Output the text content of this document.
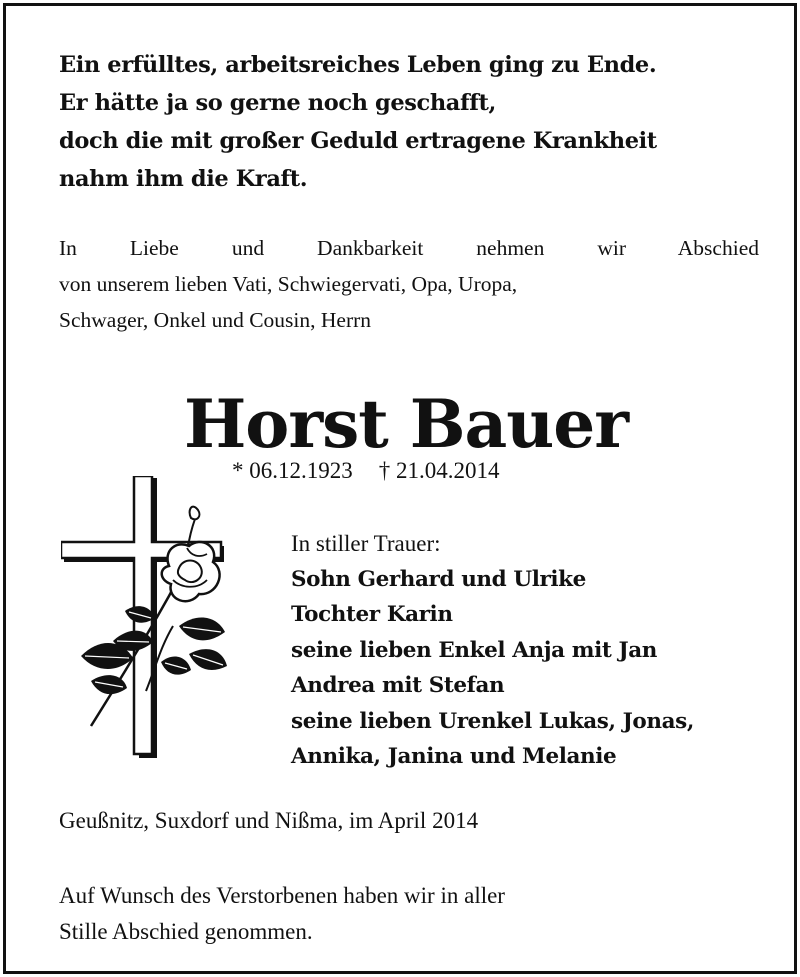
Ein erfülltes, arbeitsreiches Leben ging zu Ende.
Er hätte ja so gerne noch geschafft,
doch die mit großer Geduld ertragene Krankheit
nahm ihm die Kraft.
In Liebe und Dankbarkeit nehmen wir Abschied
von unserem lieben Vati, Schwiegervati, Opa, Uropa,
Schwager, Onkel und Cousin, Herrn
Horst Bauer
* 06.12.1923 † 21.04.2014
In stiller Trauer:
Sohn Gerhard und Ulrike
Tochter Karin
seine lieben Enkel Anja mit Jan
Andrea mit Stefan
seine lieben Urenkel Lukas, Jonas,
Annika, Janina und Melanie
Geußnitz, Suxdorf und Nißma, im April 2014
Auf Wunsch des Verstorbenen haben wir in aller
Stille Abschied genommen.
